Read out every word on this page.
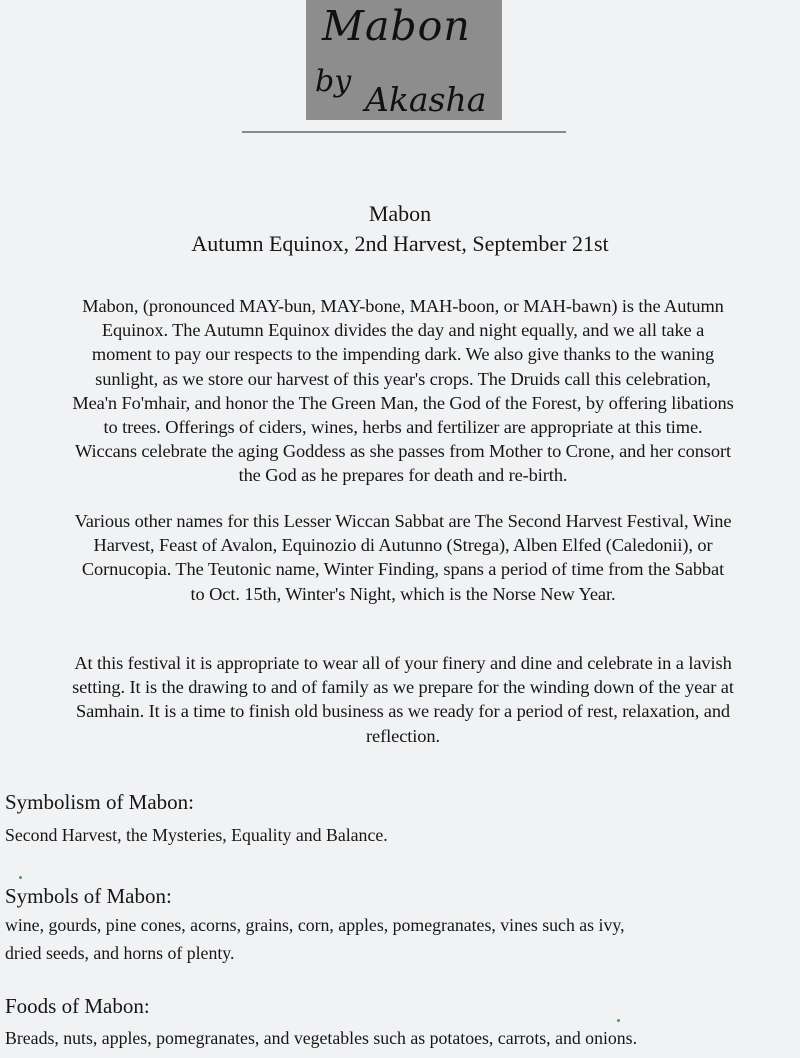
Mabon
by Akasha
Mabon
Autumn Equinox, 2nd Harvest, September 21st

Mabon, (pronounced MAY-bun, MAY-bone, MAH-boon, or MAH-bawn) is the Autumn
Equinox. The Autumn Equinox divides the day and night equally, and we all take a
moment to pay our respects to the impending dark. We also give thanks to the waning
sunlight, as we store our harvest of this year's crops. The Druids call this celebration,
Mea'n Fo'mhair, and honor the The Green Man, the God of the Forest, by offering libations
to trees. Offerings of ciders, wines, herbs and fertilizer are appropriate at this time.
Wiccans celebrate the aging Goddess as she passes from Mother to Crone, and her consort
the God as he prepares for death and re-birth.

Various other names for this Lesser Wiccan Sabbat are The Second Harvest Festival, Wine
Harvest, Feast of Avalon, Equinozio di Autunno (Strega), Alben Elfed (Caledonii), or
Cornucopia. The Teutonic name, Winter Finding, spans a period of time from the Sabbat
to Oct. 15th, Winter's Night, which is the Norse New Year.

At this festival it is appropriate to wear all of your finery and dine and celebrate in a lavish
setting. It is the drawing to and of family as we prepare for the winding down of the year at
Samhain. It is a time to finish old business as we ready for a period of rest, relaxation, and
reflection.

Symbolism of Mabon:
Second Harvest, the Mysteries, Equality and Balance.
Symbols of Mabon:
wine, gourds, pine cones, acorns, grains, corn, apples, pomegranates, vines such as ivy,
dried seeds, and horns of plenty.
Foods of Mabon:
Breads, nuts, apples, pomegranates, and vegetables such as potatoes, carrots, and onions.
